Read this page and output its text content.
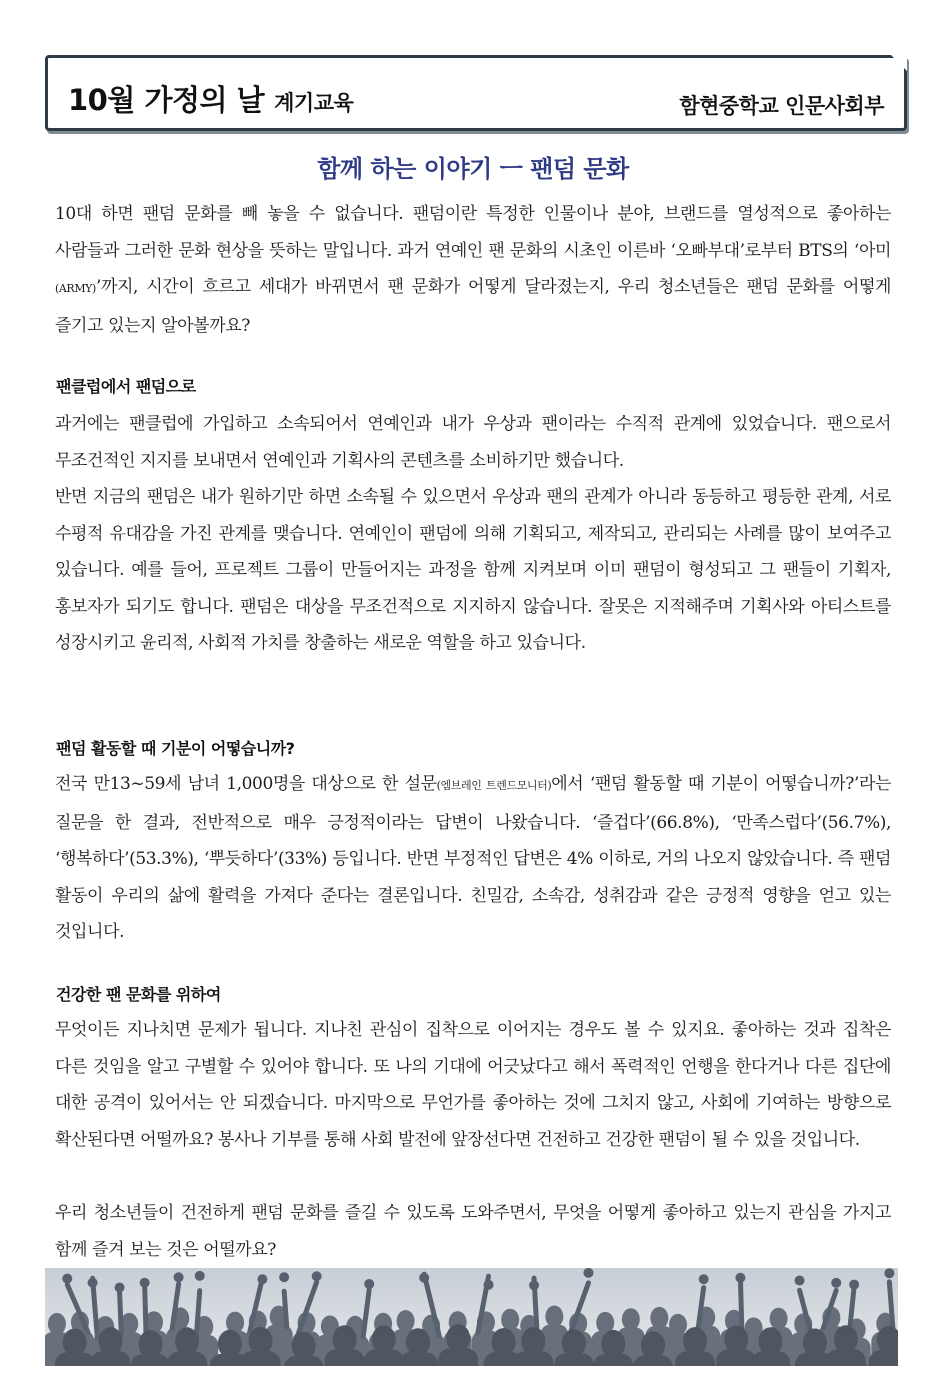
10월 가정의 날 계기교육	함현중학교 인문사회부
함께 하는 이야기 ㅡ 팬덤 문화

10대 하면 팬덤 문화를 빼 놓을 수 없습니다. 팬덤이란 특정한 인물이나 분야, 브랜드를 열성적으로 좋아하는 사람들과 그러한 문화 현상을 뜻하는 말입니다. 과거 연예인 팬 문화의 시초인 이른바 ‘오빠부대’로부터 BTS의 ‘아미(ARMY)’까지, 시간이 흐르고 세대가 바뀌면서 팬 문화가 어떻게 달라졌는지, 우리 청소년들은 팬덤 문화를 어떻게 즐기고 있는지 알아볼까요?

팬클럽에서 팬덤으로

과거에는 팬클럽에 가입하고 소속되어서 연예인과 내가 우상과 팬이라는 수직적 관계에 있었습니다. 팬으로서 무조건적인 지지를 보내면서 연예인과 기획사의 콘텐츠를 소비하기만 했습니다.

반면 지금의 팬덤은 내가 원하기만 하면 소속될 수 있으면서 우상과 팬의 관계가 아니라 동등하고 평등한 관계, 서로 수평적 유대감을 가진 관계를 맺습니다. 연예인이 팬덤에 의해 기획되고, 제작되고, 관리되는 사례를 많이 보여주고 있습니다. 예를 들어, 프로젝트 그룹이 만들어지는 과정을 함께 지켜보며 이미 팬덤이 형성되고 그 팬들이 기획자, 홍보자가 되기도 합니다. 팬덤은 대상을 무조건적으로 지지하지 않습니다. 잘못은 지적해주며 기획사와 아티스트를 성장시키고 윤리적, 사회적 가치를 창출하는 새로운 역할을 하고 있습니다.

팬덤 활동할 때 기분이 어떻습니까?

전국 만13~59세 남녀 1,000명을 대상으로 한 설문(엠브레인 트렌드모니터)에서 ‘팬덤 활동할 때 기분이 어떻습니까?’라는 질문을 한 결과, 전반적으로 매우 긍정적이라는 답변이 나왔습니다. ‘즐겁다’(66.8%), ‘만족스럽다’(56.7%), ‘행복하다’(53.3%), ‘뿌듯하다’(33%) 등입니다. 반면 부정적인 답변은 4% 이하로, 거의 나오지 않았습니다. 즉 팬덤 활동이 우리의 삶에 활력을 가져다 준다는 결론입니다. 친밀감, 소속감, 성취감과 같은 긍정적 영향을 얻고 있는 것입니다.

건강한 팬 문화를 위하여

무엇이든 지나치면 문제가 됩니다. 지나친 관심이 집착으로 이어지는 경우도 볼 수 있지요. 좋아하는 것과 집착은 다른 것임을 알고 구별할 수 있어야 합니다. 또 나의 기대에 어긋났다고 해서 폭력적인 언행을 한다거나 다른 집단에 대한 공격이 있어서는 안 되겠습니다. 마지막으로 무언가를 좋아하는 것에 그치지 않고, 사회에 기여하는 방향으로 확산된다면 어떨까요? 봉사나 기부를 통해 사회 발전에 앞장선다면 건전하고 건강한 팬덤이 될 수 있을 것입니다.

우리 청소년들이 건전하게 팬덤 문화를 즐길 수 있도록 도와주면서, 무엇을 어떻게 좋아하고 있는지 관심을 가지고 함께 즐겨 보는 것은 어떨까요?
